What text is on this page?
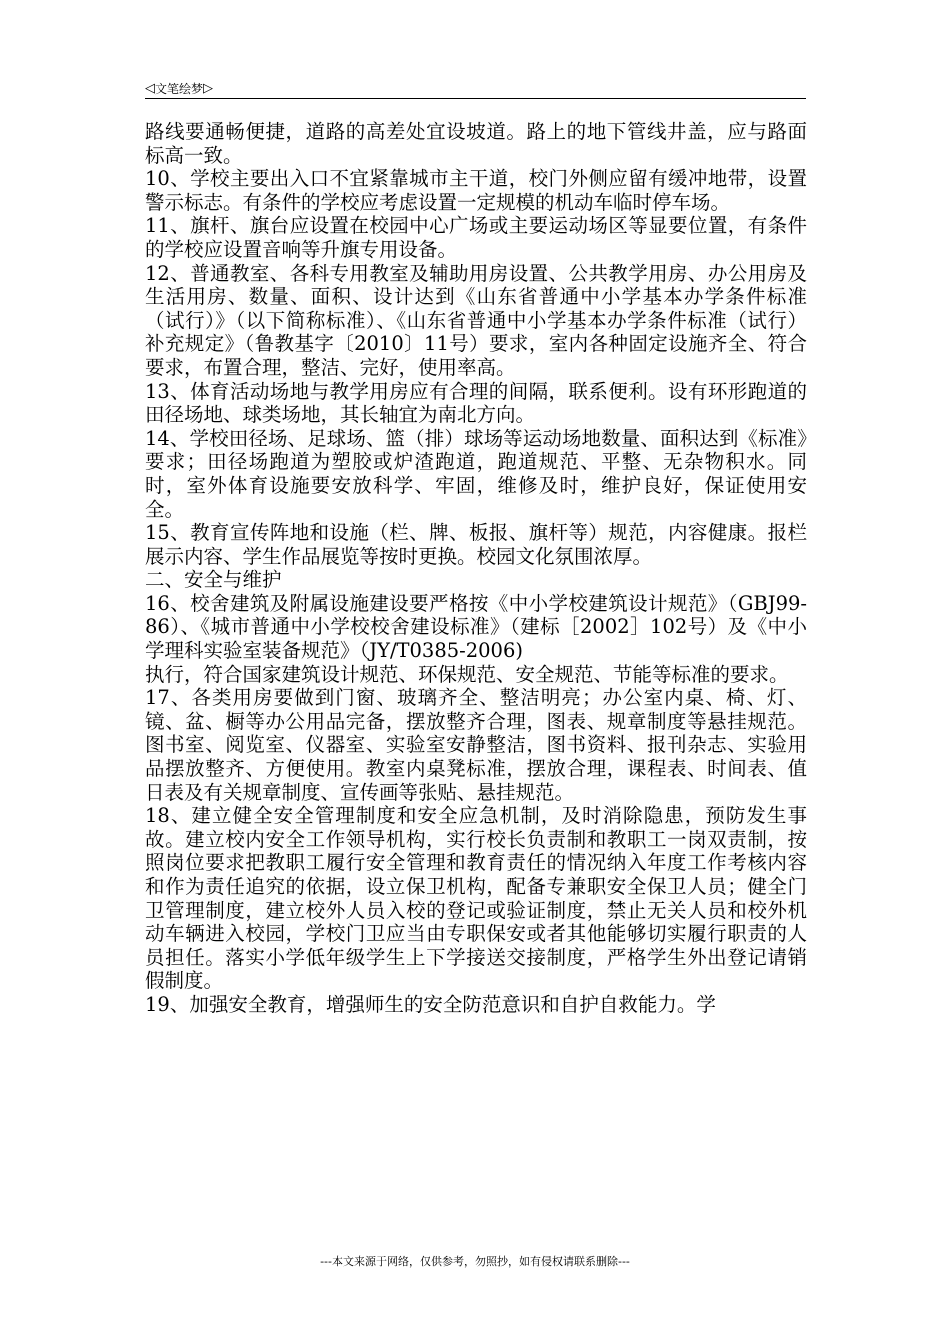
◁ 文笔绘梦 ▷

路线要通畅便捷，道路的高差处宜设坡道。路上的地下管线井盖，应与路面标高一致。

10、学校主要出入口不宜紧靠城市主干道，校门外侧应留有缓冲地带，设置警示标志。有条件的学校应考虑设置一定规模的机动车临时停车场。

11、旗杆、旗台应设置在校园中心广场或主要运动场区等显要位置，有条件的学校应设置音响等升旗专用设备。

12、普通教室、各科专用教室及辅助用房设置、公共教学用房、办公用房及生活用房、数量、面积、设计达到《山东省普通中小学基本办学条件标准（试行）》（以下简称标准）、《山东省普通中小学基本办学条件标准（试行）补充规定》（鲁教基字〔2010〕11号）要求，室内各种固定设施齐全、符合要求，布置合理，整洁、完好，使用率高。

13、体育活动场地与教学用房应有合理的间隔，联系便利。设有环形跑道的田径场地、球类场地，其长轴宜为南北方向。

14、学校田径场、足球场、篮（排）球场等运动场地数量、面积达到《标准》要求；田径场跑道为塑胶或炉渣跑道，跑道规范、平整、无杂物积水。同时，室外体育设施要安放科学、牢固，维修及时，维护良好，保证使用安全。

15、教育宣传阵地和设施（栏、牌、板报、旗杆等）规范，内容健康。报栏展示内容、学生作品展览等按时更换。校园文化氛围浓厚。

二、安全与维护

16、校舍建筑及附属设施建设要严格按《中小学校建筑设计规范》（GBJ99-86）、《城市普通中小学校校舍建设标准》（建标［2002］102号）及《中小学理科实验室装备规范》（JY/T0385-2006)

执行，符合国家建筑设计规范、环保规范、安全规范、节能等标准的要求。

17、各类用房要做到门窗、玻璃齐全、整洁明亮；办公室内桌、椅、灯、镜、盆、橱等办公用品完备，摆放整齐合理，图表、规章制度等悬挂规范。图书室、阅览室、仪器室、实验室安静整洁，图书资料、报刊杂志、实验用品摆放整齐、方便使用。教室内桌凳标准，摆放合理，课程表、时间表、值日表及有关规章制度、宣传画等张贴、悬挂规范。

18、建立健全安全管理制度和安全应急机制，及时消除隐患，预防发生事故。建立校内安全工作领导机构，实行校长负责制和教职工一岗双责制，按照岗位要求把教职工履行安全管理和教育责任的情况纳入年度工作考核内容和作为责任追究的依据，设立保卫机构，配备专兼职安全保卫人员；健全门卫管理制度，建立校外人员入校的登记或验证制度，禁止无关人员和校外机动车辆进入校园，学校门卫应当由专职保安或者其他能够切实履行职责的人员担任。落实小学低年级学生上下学接送交接制度，严格学生外出登记请销假制度。

19、加强安全教育，增强师生的安全防范意识和自护自救能力。学

---本文来源于网络，仅供参考，勿照抄，如有侵权请联系删除---
